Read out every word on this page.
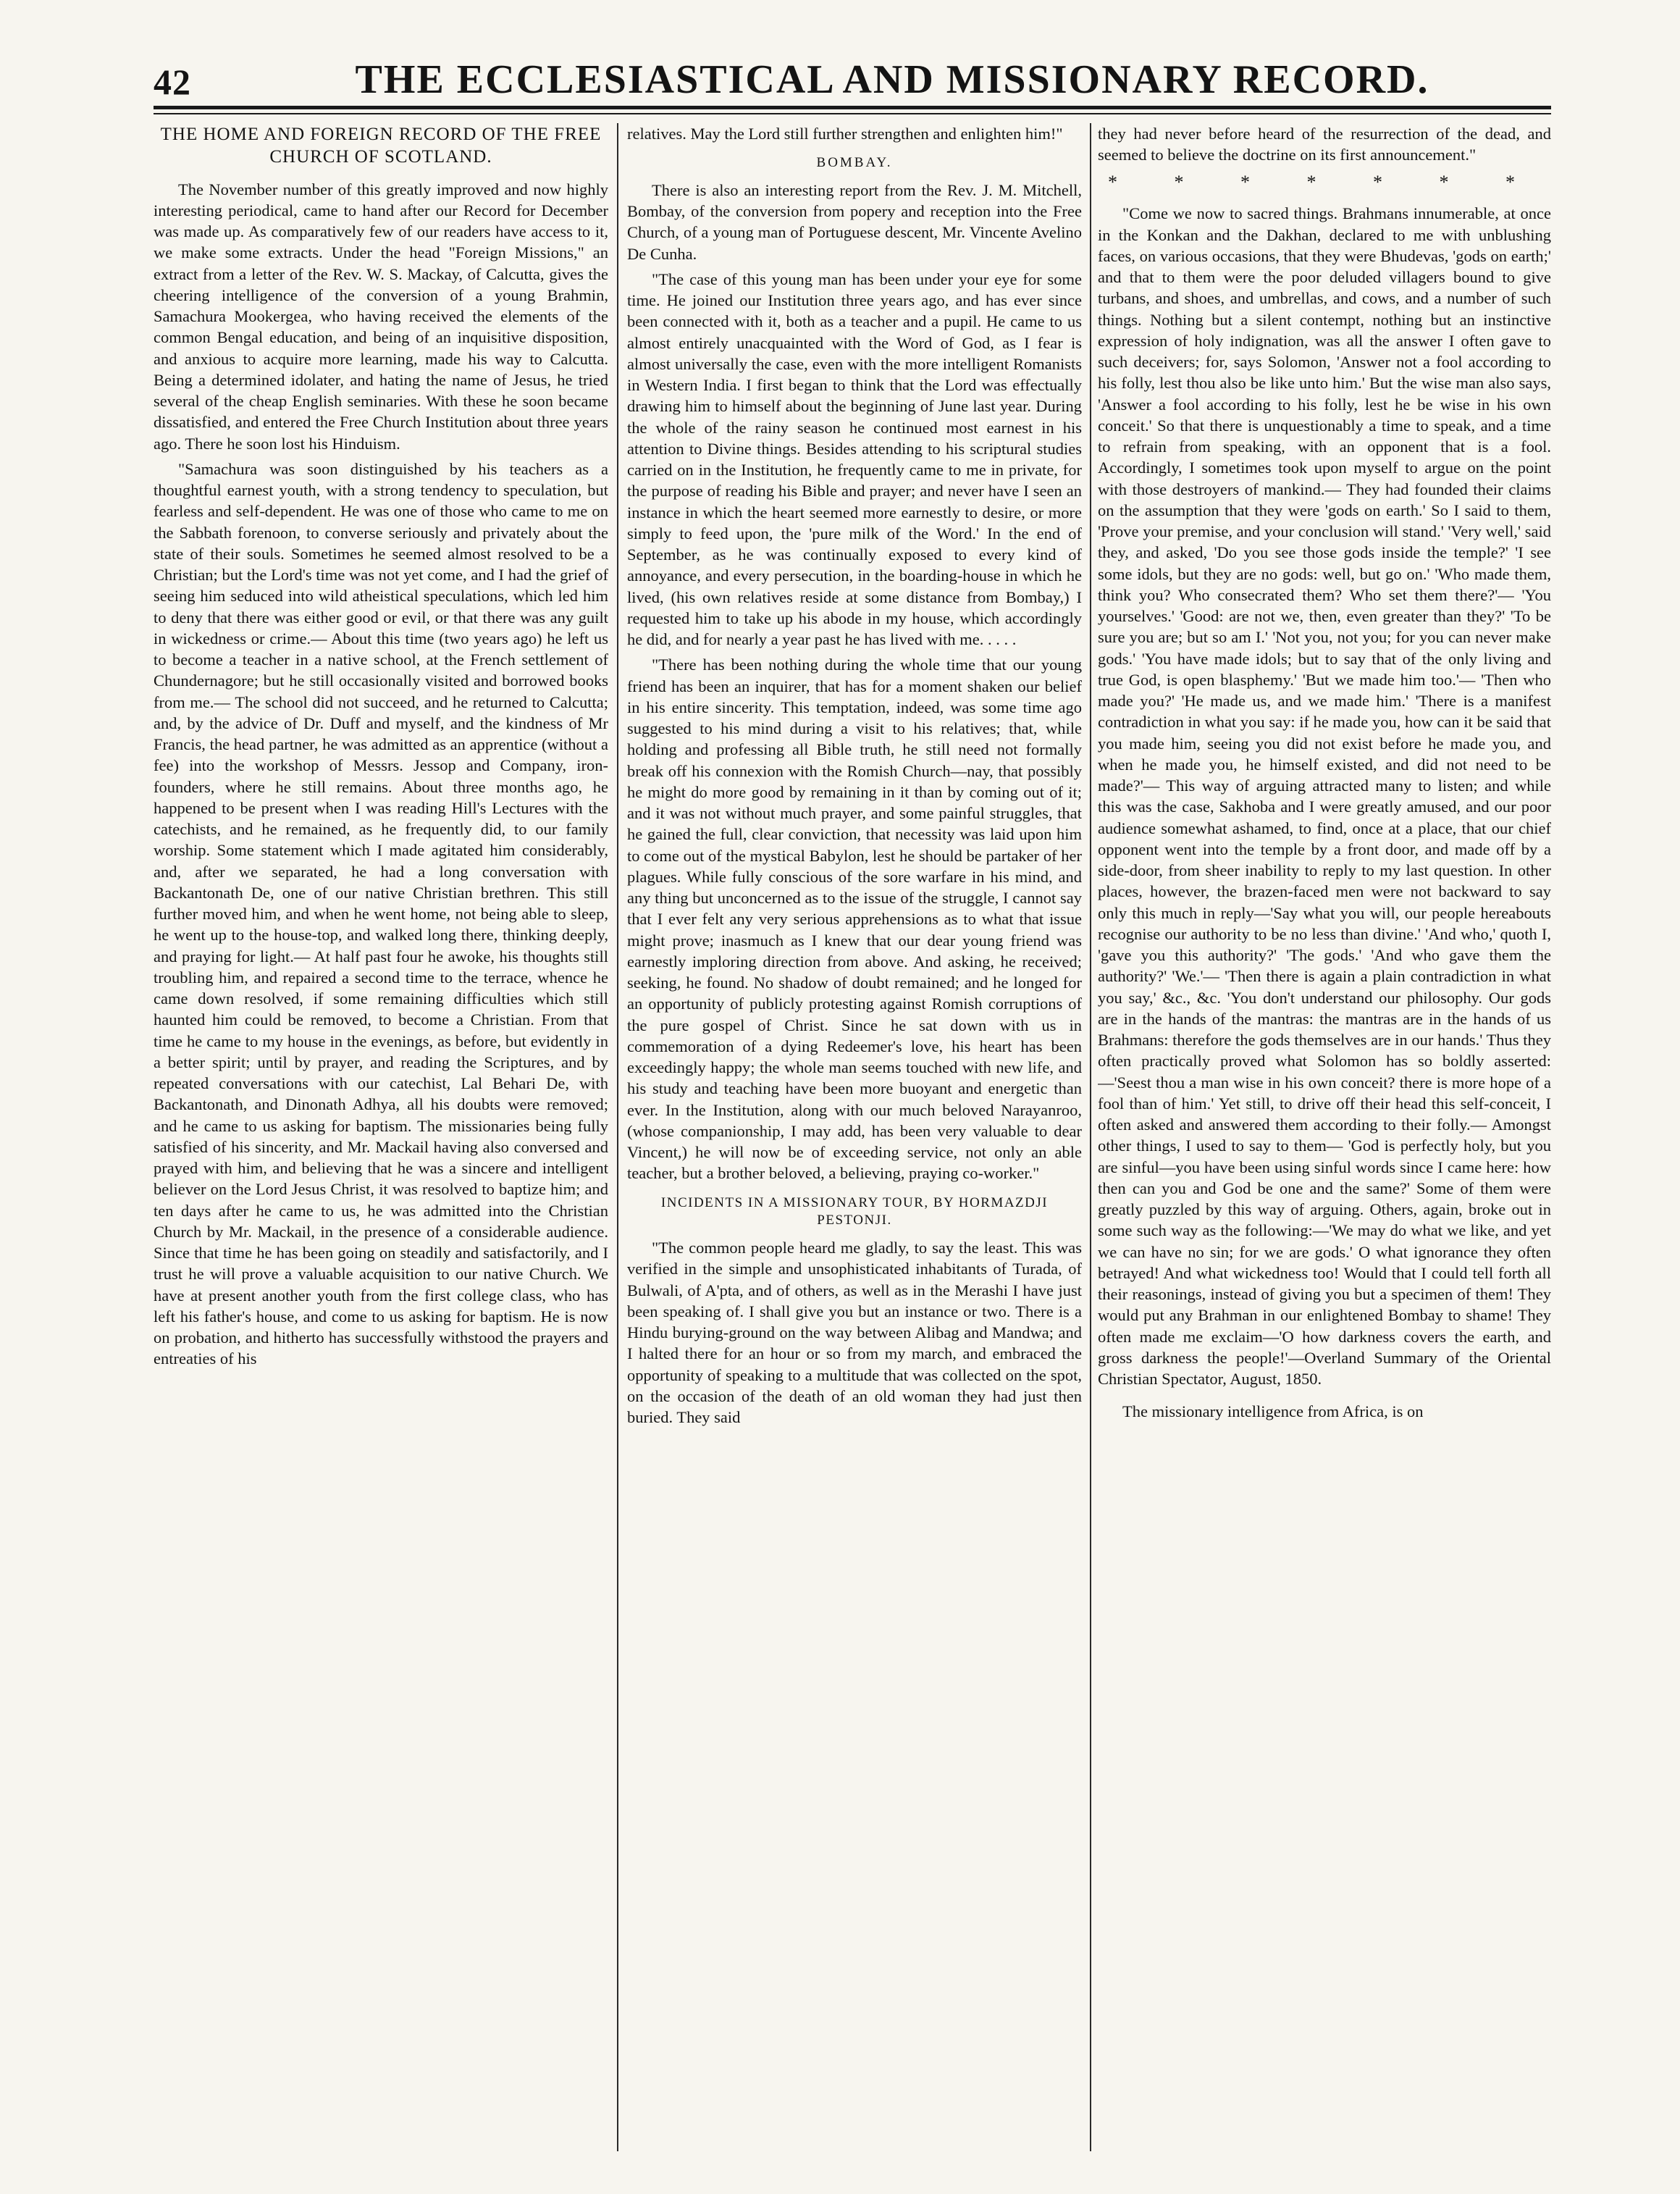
42	THE ECCLESIASTICAL AND MISSIONARY RECORD.
THE HOME AND FOREIGN RECORD OF THE FREE CHURCH OF SCOTLAND.

The November number of this greatly improved and now highly interesting periodical, came to hand after our Record for December was made up. As comparatively few of our readers have access to it, we make some extracts. Under the head "Foreign Missions," an extract from a letter of the Rev. W. S. Mackay, of Calcutta, gives the cheering intelligence of the conversion of a young Brahmin, Samachura Mookergea, who having received the elements of the common Bengal education, and being of an inquisitive disposition, and anxious to acquire more learning, made his way to Calcutta. Being a determined idolater, and hating the name of Jesus, he tried several of the cheap English seminaries. With these he soon became dissatisfied, and entered the Free Church Institution about three years ago. There he soon lost his Hinduism.

"Samachura was soon distinguished by his teachers as a thoughtful earnest youth, with a strong tendency to speculation, but fearless and self-dependent. He was one of those who came to me on the Sabbath forenoon, to converse seriously and privately about the state of their souls. Sometimes he seemed almost resolved to be a Christian; but the Lord's time was not yet come, and I had the grief of seeing him seduced into wild atheistical speculations, which led him to deny that there was either good or evil, or that there was any guilt in wickedness or crime.— About this time (two years ago) he left us to become a teacher in a native school, at the French settlement of Chundernagore; but he still occasionally visited and borrowed books from me.— The school did not succeed, and he returned to Calcutta; and, by the advice of Dr. Duff and myself, and the kindness of Mr Francis, the head partner, he was admitted as an apprentice (without a fee) into the workshop of Messrs. Jessop and Company, iron-founders, where he still remains. About three months ago, he happened to be present when I was reading Hill's Lectures with the catechists, and he remained, as he frequently did, to our family worship. Some statement which I made agitated him considerably, and, after we separated, he had a long conversation with Backantonath De, one of our native Christian brethren. This still further moved him, and when he went home, not being able to sleep, he went up to the house-top, and walked long there, thinking deeply, and praying for light.— At half past four he awoke, his thoughts still troubling him, and repaired a second time to the terrace, whence he came down resolved, if some remaining difficulties which still haunted him could be removed, to become a Christian. From that time he came to my house in the evenings, as before, but evidently in a better spirit; until by prayer, and reading the Scriptures, and by repeated conversations with our catechist, Lal Behari De, with Backantonath, and Dinonath Adhya, all his doubts were removed; and he came to us asking for baptism. The missionaries being fully satisfied of his sincerity, and Mr. Mackail having also conversed and prayed with him, and believing that he was a sincere and intelligent believer on the Lord Jesus Christ, it was resolved to baptize him; and ten days after he came to us, he was admitted into the Christian Church by Mr. Mackail, in the presence of a considerable audience. Since that time he has been going on steadily and satisfactorily, and I trust he will prove a valuable acquisition to our native Church. We have at present another youth from the first college class, who has left his father's house, and come to us asking for baptism. He is now on probation, and hitherto has successfully withstood the prayers and entreaties of his

relatives. May the Lord still further strengthen and enlighten him!"

BOMBAY.

There is also an interesting report from the Rev. J. M. Mitchell, Bombay, of the conversion from popery and reception into the Free Church, of a young man of Portuguese descent, Mr. Vincente Avelino De Cunha.

"The case of this young man has been under your eye for some time. He joined our Institution three years ago, and has ever since been connected with it, both as a teacher and a pupil. He came to us almost entirely unacquainted with the Word of God, as I fear is almost universally the case, even with the more intelligent Romanists in Western India. I first began to think that the Lord was effectually drawing him to himself about the beginning of June last year. During the whole of the rainy season he continued most earnest in his attention to Divine things. Besides attending to his scriptural studies carried on in the Institution, he frequently came to me in private, for the purpose of reading his Bible and prayer; and never have I seen an instance in which the heart seemed more earnestly to desire, or more simply to feed upon, the 'pure milk of the Word.' In the end of September, as he was continually exposed to every kind of annoyance, and every persecution, in the boarding-house in which he lived, (his own relatives reside at some distance from Bombay,) I requested him to take up his abode in my house, which accordingly he did, and for nearly a year past he has lived with me. . . . .

"There has been nothing during the whole time that our young friend has been an inquirer, that has for a moment shaken our belief in his entire sincerity. This temptation, indeed, was some time ago suggested to his mind during a visit to his relatives; that, while holding and professing all Bible truth, he still need not formally break off his connexion with the Romish Church—nay, that possibly he might do more good by remaining in it than by coming out of it; and it was not without much prayer, and some painful struggles, that he gained the full, clear conviction, that necessity was laid upon him to come out of the mystical Babylon, lest he should be partaker of her plagues. While fully conscious of the sore warfare in his mind, and any thing but unconcerned as to the issue of the struggle, I cannot say that I ever felt any very serious apprehensions as to what that issue might prove; inasmuch as I knew that our dear young friend was earnestly imploring direction from above. And asking, he received; seeking, he found. No shadow of doubt remained; and he longed for an opportunity of publicly protesting against Romish corruptions of the pure gospel of Christ. Since he sat down with us in commemoration of a dying Redeemer's love, his heart has been exceedingly happy; the whole man seems touched with new life, and his study and teaching have been more buoyant and energetic than ever. In the Institution, along with our much beloved Narayanroo, (whose companionship, I may add, has been very valuable to dear Vincent,) he will now be of exceeding service, not only an able teacher, but a brother beloved, a believing, praying co-worker."

INCIDENTS IN A MISSIONARY TOUR, BY HORMAZDJI PESTONJI.

"The common people heard me gladly, to say the least. This was verified in the simple and unsophisticated inhabitants of Turada, of Bulwali, of A'pta, and of others, as well as in the Merashi I have just been speaking of. I shall give you but an instance or two. There is a Hindu burying-ground on the way between Alibag and Mandwa; and I halted there for an hour or so from my march, and embraced the opportunity of speaking to a multitude that was collected on the spot, on the occasion of the death of an old woman they had just then buried. They said

they had never before heard of the resurrection of the dead, and seemed to believe the doctrine on its first announcement."

* * * * * * *

"Come we now to sacred things. Brahmans innumerable, at once in the Konkan and the Dakhan, declared to me with unblushing faces, on various occasions, that they were Bhudevas, 'gods on earth;' and that to them were the poor deluded villagers bound to give turbans, and shoes, and umbrellas, and cows, and a number of such things. Nothing but a silent contempt, nothing but an instinctive expression of holy indignation, was all the answer I often gave to such deceivers; for, says Solomon, 'Answer not a fool according to his folly, lest thou also be like unto him.' But the wise man also says, 'Answer a fool according to his folly, lest he be wise in his own conceit.' So that there is unquestionably a time to speak, and a time to refrain from speaking, with an opponent that is a fool. Accordingly, I sometimes took upon myself to argue on the point with those destroyers of mankind.— They had founded their claims on the assumption that they were 'gods on earth.' So I said to them, 'Prove your premise, and your conclusion will stand.' 'Very well,' said they, and asked, 'Do you see those gods inside the temple?' 'I see some idols, but they are no gods: well, but go on.' 'Who made them, think you? Who consecrated them? Who set them there?'— 'You yourselves.' 'Good: are not we, then, even greater than they?' 'To be sure you are; but so am I.' 'Not you, not you; for you can never make gods.' 'You have made idols; but to say that of the only living and true God, is open blasphemy.' 'But we made him too.'— 'Then who made you?' 'He made us, and we made him.' 'There is a manifest contradiction in what you say: if he made you, how can it be said that you made him, seeing you did not exist before he made you, and when he made you, he himself existed, and did not need to be made?'— This way of arguing attracted many to listen; and while this was the case, Sakhoba and I were greatly amused, and our poor audience somewhat ashamed, to find, once at a place, that our chief opponent went into the temple by a front door, and made off by a side-door, from sheer inability to reply to my last question. In other places, however, the brazen-faced men were not backward to say only this much in reply—'Say what you will, our people hereabouts recognise our authority to be no less than divine.' 'And who,' quoth I, 'gave you this authority?' 'The gods.' 'And who gave them the authority?' 'We.'— 'Then there is again a plain contradiction in what you say,' &c., &c. 'You don't understand our philosophy. Our gods are in the hands of the mantras: the mantras are in the hands of us Brahmans: therefore the gods themselves are in our hands.' Thus they often practically proved what Solomon has so boldly asserted:—'Seest thou a man wise in his own conceit? there is more hope of a fool than of him.' Yet still, to drive off their head this self-conceit, I often asked and answered them according to their folly.— Amongst other things, I used to say to them— 'God is perfectly holy, but you are sinful—you have been using sinful words since I came here: how then can you and God be one and the same?' Some of them were greatly puzzled by this way of arguing. Others, again, broke out in some such way as the following:—'We may do what we like, and yet we can have no sin; for we are gods.' O what ignorance they often betrayed! And what wickedness too! Would that I could tell forth all their reasonings, instead of giving you but a specimen of them! They would put any Brahman in our enlightened Bombay to shame! They often made me exclaim—'O how darkness covers the earth, and gross darkness the people!'—Overland Summary of the Oriental Christian Spectator, August, 1850.

The missionary intelligence from Africa, is on
